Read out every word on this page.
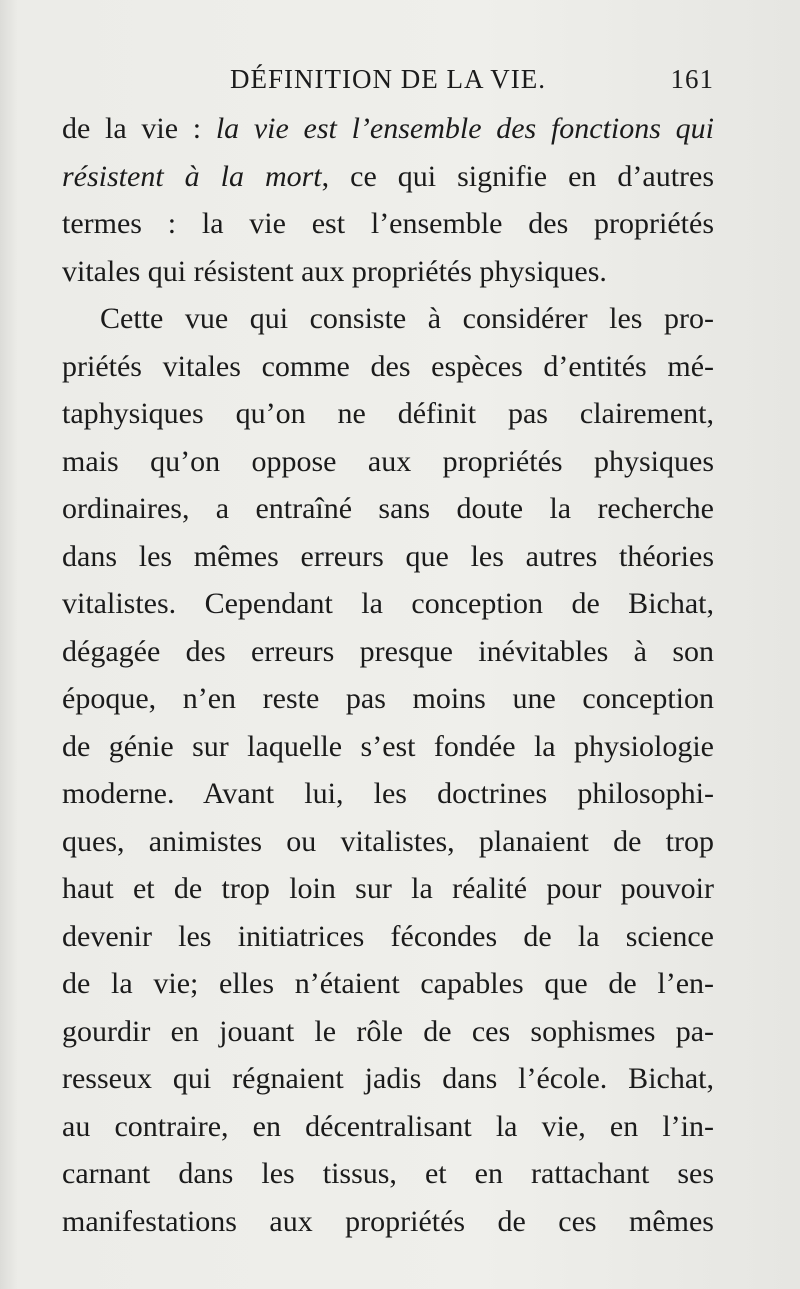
DÉFINITION DE LA VIE.	161
de la vie : la vie est l’ensemble des fonctions qui
résistent à la mort, ce qui signifie en d’autres
termes : la vie est l’ensemble des propriétés
vitales qui résistent aux propriétés physiques.
Cette vue qui consiste à considérer les pro-
priétés vitales comme des espèces d’entités mé-
taphysiques qu’on ne définit pas clairement,
mais qu’on oppose aux propriétés physiques
ordinaires, a entraîné sans doute la recherche
dans les mêmes erreurs que les autres théories
vitalistes. Cependant la conception de Bichat,
dégagée des erreurs presque inévitables à son
époque, n’en reste pas moins une conception
de génie sur laquelle s’est fondée la physiologie
moderne. Avant lui, les doctrines philosophi-
ques, animistes ou vitalistes, planaient de trop
haut et de trop loin sur la réalité pour pouvoir
devenir les initiatrices fécondes de la science
de la vie; elles n’étaient capables que de l’en-
gourdir en jouant le rôle de ces sophismes pa-
resseux qui régnaient jadis dans l’école. Bichat,
au contraire, en décentralisant la vie, en l’in-
carnant dans les tissus, et en rattachant ses
manifestations aux propriétés de ces mêmes
